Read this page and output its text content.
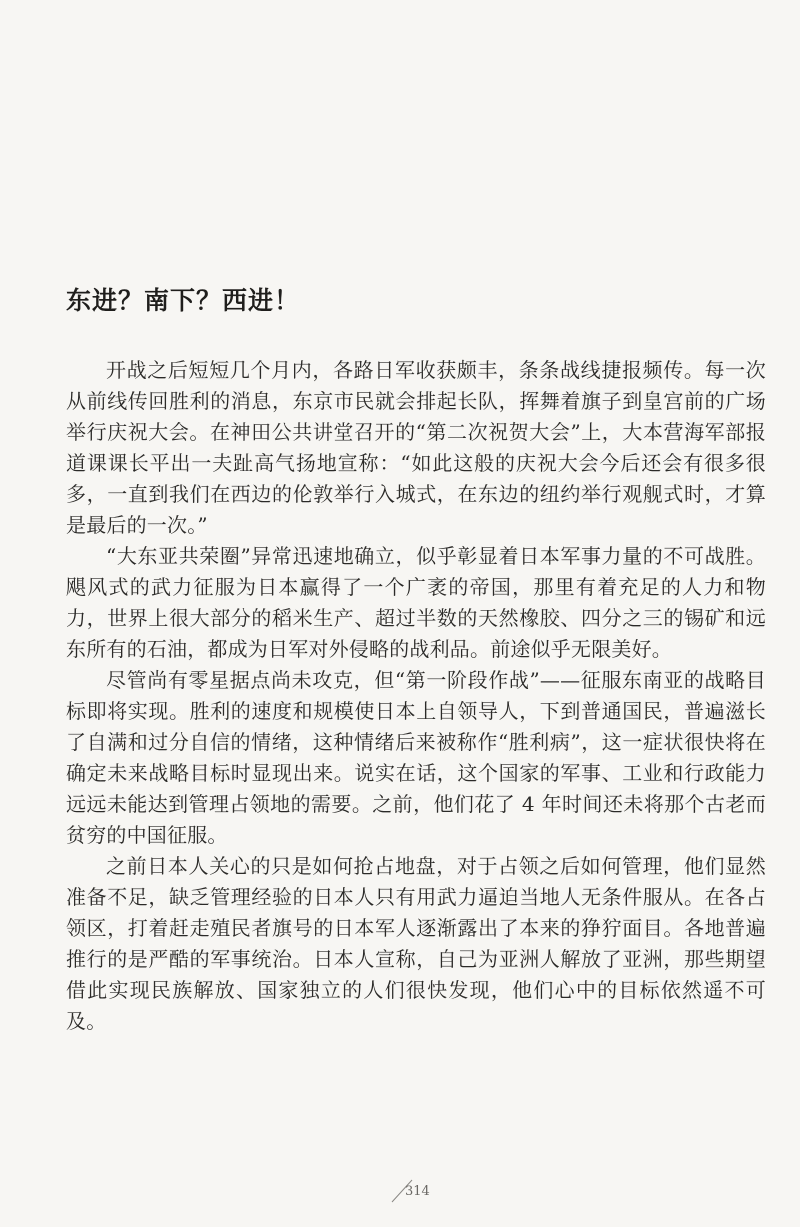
东进？南下？西进！

开战之后短短几个月内，各路日军收获颇丰，条条战线捷报频传。每一次从前线传回胜利的消息，东京市民就会排起长队，挥舞着旗子到皇宫前的广场举行庆祝大会。在神田公共讲堂召开的“第二次祝贺大会”上，大本营海军部报道课课长平出一夫趾高气扬地宣称：“如此这般的庆祝大会今后还会有很多很多，一直到我们在西边的伦敦举行入城式，在东边的纽约举行观舰式时，才算是最后的一次。”

“大东亚共荣圈”异常迅速地确立，似乎彰显着日本军事力量的不可战胜。飓风式的武力征服为日本赢得了一个广袤的帝国，那里有着充足的人力和物力，世界上很大部分的稻米生产、超过半数的天然橡胶、四分之三的锡矿和远东所有的石油，都成为日军对外侵略的战利品。前途似乎无限美好。

尽管尚有零星据点尚未攻克，但“第一阶段作战”——征服东南亚的战略目标即将实现。胜利的速度和规模使日本上自领导人，下到普通国民，普遍滋长了自满和过分自信的情绪，这种情绪后来被称作“胜利病”，这一症状很快将在确定未来战略目标时显现出来。说实在话，这个国家的军事、工业和行政能力远远未能达到管理占领地的需要。之前，他们花了 4 年时间还未将那个古老而贫穷的中国征服。

之前日本人关心的只是如何抢占地盘，对于占领之后如何管理，他们显然准备不足，缺乏管理经验的日本人只有用武力逼迫当地人无条件服从。在各占领区，打着赶走殖民者旗号的日本军人逐渐露出了本来的狰狞面目。各地普遍推行的是严酷的军事统治。日本人宣称，自己为亚洲人解放了亚洲，那些期望借此实现民族解放、国家独立的人们很快发现，他们心中的目标依然遥不可及。

314
